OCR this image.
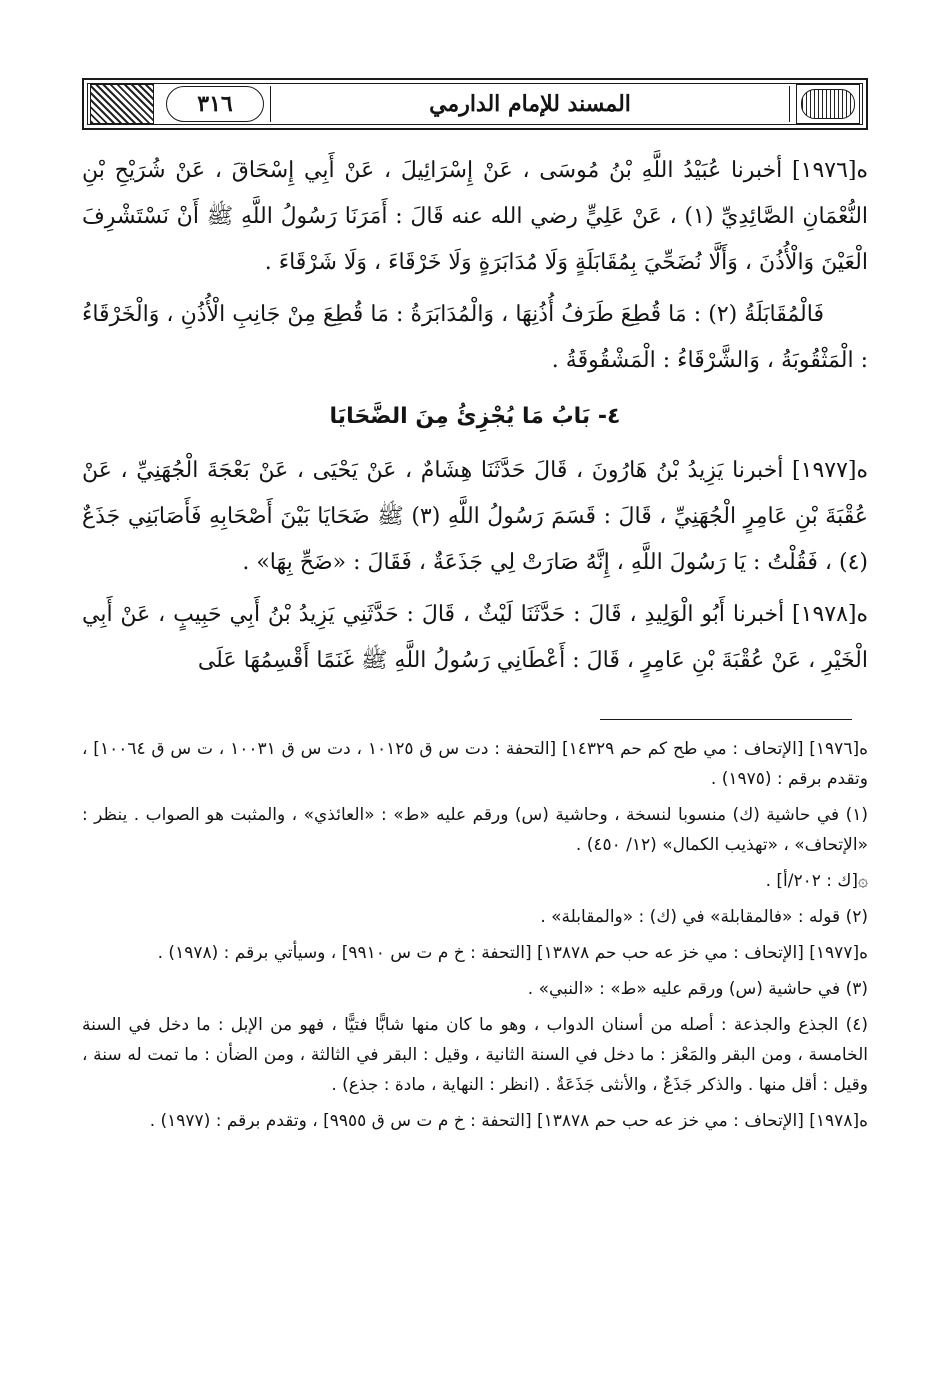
٣١٦	المسند للإمام الدارمي

ه[١٩٧٦] أخبرنا عُبَيْدُ اللَّهِ بْنُ مُوسَى ، عَنْ إِسْرَائِيلَ ، عَنْ أَبِي إِسْحَاقَ ، عَنْ شُرَيْحِ بْنِ النُّعْمَانِ الصَّائِدِيِّ (١) ، عَنْ عَلِيٍّ رضي الله عنه قَالَ : أَمَرَنَا رَسُولُ اللَّهِ ﷺ أَنْ نَسْتَشْرِفَ الْعَيْنَ وَالْأُذُنَ ، وَأَلَّا نُضَحِّيَ بِمُقَابَلَةٍ وَلَا مُدَابَرَةٍ وَلَا خَرْقَاءَ ، وَلَا شَرْقَاءَ .

فَالْمُقَابَلَةُ (٢) : مَا قُطِعَ طَرَفُ أُذُنِهَا ، وَالْمُدَابَرَةُ : مَا قُطِعَ مِنْ جَانِبِ الْأُذُنِ ، وَالْخَرْقَاءُ : الْمَثْقُوبَةُ ، وَالشَّرْقَاءُ : الْمَشْقُوقَةُ .

٤- بَابُ مَا يُجْزِئُ مِنَ الضَّحَايَا

ه[١٩٧٧] أخبرنا يَزِيدُ بْنُ هَارُونَ ، قَالَ حَدَّثَنَا هِشَامٌ ، عَنْ يَحْيَى ، عَنْ بَعْجَةَ الْجُهَنِيِّ ، عَنْ عُقْبَةَ بْنِ عَامِرٍ الْجُهَنِيِّ ، قَالَ : قَسَمَ رَسُولُ اللَّهِ (٣) ﷺ ضَحَايَا بَيْنَ أَصْحَابِهِ فَأَصَابَنِي جَذَعٌ (٤) ، فَقُلْتُ : يَا رَسُولَ اللَّهِ ، إِنَّهُ صَارَتْ لِي جَذَعَةٌ ، فَقَالَ : «ضَحِّ بِهَا» .

ه[١٩٧٨] أخبرنا أَبُو الْوَلِيدِ ، قَالَ : حَدَّثَنَا لَيْثٌ ، قَالَ : حَدَّثَنِي يَزِيدُ بْنُ أَبِي حَبِيبٍ ، عَنْ أَبِي الْخَيْرِ ، عَنْ عُقْبَةَ بْنِ عَامِرٍ ، قَالَ : أَعْطَانِي رَسُولُ اللَّهِ ﷺ غَنَمًا أَقْسِمُهَا عَلَى

ه[١٩٧٦] [الإتحاف : مي طح كم حم ١٤٣٢٩] [التحفة : دت س ق ١٠١٢٥ ، دت س ق ١٠٠٣١ ، ت س ق ١٠٠٦٤] ، وتقدم برقم : (١٩٧٥) .

(١) في حاشية (ك) منسوبا لنسخة ، وحاشية (س) ورقم عليه «ط» : «العائذي» ، والمثبت هو الصواب . ينظر : «الإتحاف» ، «تهذيب الكمال» (١٢/ ٤٥٠) .

۞[ك : ٢٠٢/أ] .

(٢) قوله : «فالمقابلة» في (ك) : «والمقابلة» .

ه[١٩٧٧] [الإتحاف : مي خز عه حب حم ١٣٨٧٨] [التحفة : خ م ت س ٩٩١٠] ، وسيأتي برقم : (١٩٧٨) .

(٣) في حاشية (س) ورقم عليه «ط» : «النبي» .

(٤) الجذع والجذعة : أصله من أسنان الدواب ، وهو ما كان منها شابًّا فتيًّا ، فهو من الإبل : ما دخل في السنة الخامسة ، ومن البقر والمَعْز : ما دخل في السنة الثانية ، وقيل : البقر في الثالثة ، ومن الضأن : ما تمت له سنة ، وقيل : أقل منها . والذكر جَذَعٌ ، والأنثى جَذَعَةٌ . (انظر : النهاية ، مادة : جذع) .

ه[١٩٧٨] [الإتحاف : مي خز عه حب حم ١٣٨٧٨] [التحفة : خ م ت س ق ٩٩٥٥] ، وتقدم برقم : (١٩٧٧) .
